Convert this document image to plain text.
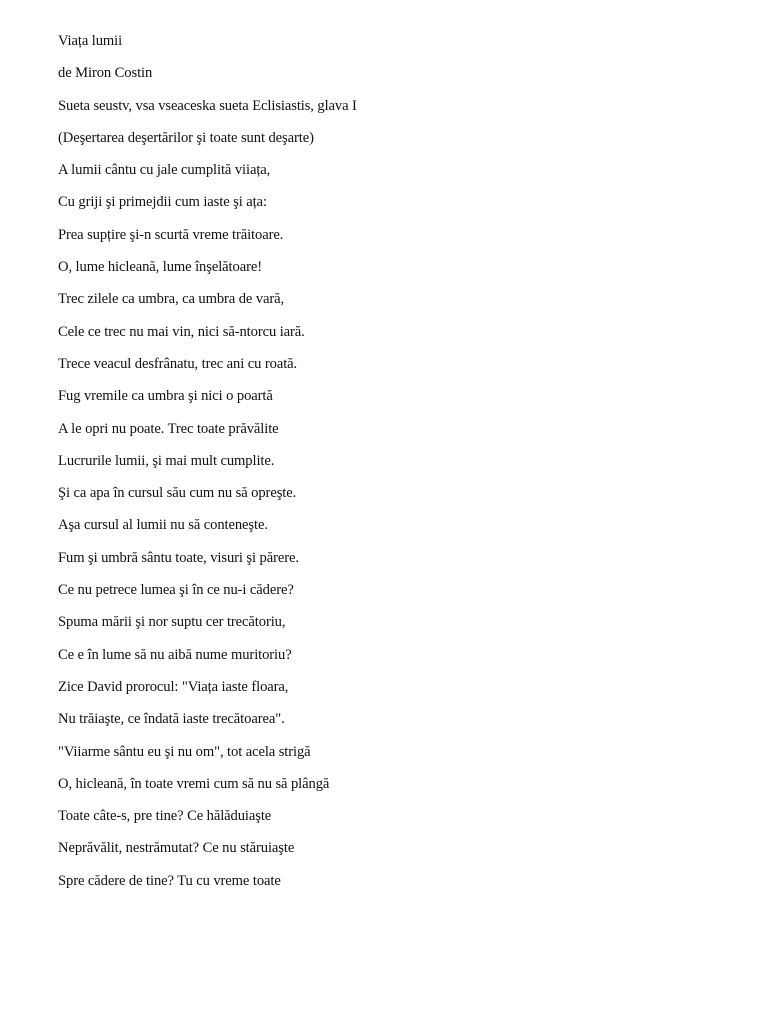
Viața lumii
de Miron Costin
Sueta seustv, vsa vseaceska sueta Eclisiastis, glava I
(Deşertarea deşertărilor şi toate sunt deşarte)
A lumii cântu cu jale cumplită viiața,
Cu griji şi primejdii cum iaste şi ața:
Prea supțire şi-n scurtă vreme trăitoare.
O, lume hicleană, lume înşelătoare!
Trec zilele ca umbra, ca umbra de vară,
Cele ce trec nu mai vin, nici să-ntorcu iară.
Trece veacul desfrânatu, trec ani cu roată.
Fug vremile ca umbra şi nici o poartă
A le opri nu poate. Trec toate prăvălite
Lucrurile lumii, şi mai mult cumplite.
Şi ca apa în cursul său cum nu să opreşte.
Aşa cursul al lumii nu să conteneşte.
Fum şi umbră sântu toate, visuri şi părere.
Ce nu petrece lumea şi în ce nu-i cădere?
Spuma mării şi nor suptu cer trecătoriu,
Ce e în lume să nu aibă nume muritoriu?
Zice David prorocul: "Viața iaste floara,
Nu trăiaşte, ce îndată iaste trecătoarea".
"Viiarme sântu eu şi nu om", tot acela strigă
O, hicleană, în toate vremi cum să nu să plângă
Toate câte-s, pre tine? Ce hălăduiaşte
Neprăvălit, nestrămutat? Ce nu stăruiaşte
Spre cădere de tine? Tu cu vreme toate
